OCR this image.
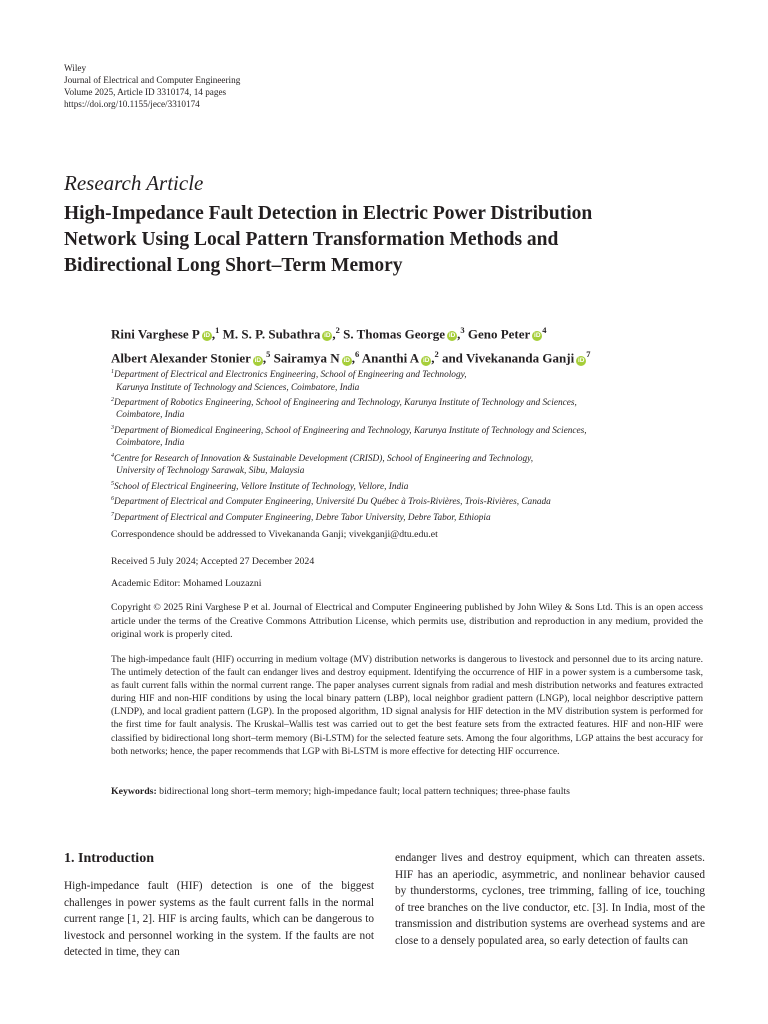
Wiley
Journal of Electrical and Computer Engineering
Volume 2025, Article ID 3310174, 14 pages
https://doi.org/10.1155/jece/3310174
Research Article
High-Impedance Fault Detection in Electric Power Distribution
Network Using Local Pattern Transformation Methods and
Bidirectional Long Short–Term Memory
Rini Varghese P iD ,$^1$ M. S. P. Subathra iD ,$^2$ S. Thomas George iD ,$^3$ Geno Peter $iD^4$
Albert Alexander Stonier iD ,$^5$ Sairamya N iD ,$^6$ Ananthi A iD ,$^2$ and Vivekananda Ganji $iD^7$
$^1$Department of Electrical and Electronics Engineering, School of Engineering and Technology,
Karunya Institute of Technology and Sciences, Coimbatore, India
$^2$Department of Robotics Engineering, School of Engineering and Technology, Karunya Institute of Technology and Sciences,
Coimbatore, India
$^3$Department of Biomedical Engineering, School of Engineering and Technology, Karunya Institute of Technology and Sciences,
Coimbatore, India
$^4$Centre for Research of Innovation & Sustainable Development (CRISD), School of Engineering and Technology,
University of Technology Sarawak, Sibu, Malaysia
$^5$School of Electrical Engineering, Vellore Institute of Technology, Vellore, India
$^6$Department of Electrical and Computer Engineering, Université Du Québec à Trois-Rivières, Trois-Rivières, Canada
$^7$Department of Electrical and Computer Engineering, Debre Tabor University, Debre Tabor, Ethiopia
Correspondence should be addressed to Vivekananda Ganji; vivekganji@dtu.edu.et
Received 5 July 2024; Accepted 27 December 2024
Academic Editor: Mohamed Louzazni
Copyright © 2025 Rini Varghese P et al. Journal of Electrical and Computer Engineering published by John Wiley & Sons Ltd. This is an open access article under the terms of the Creative Commons Attribution License, which permits use, distribution and reproduction in any medium, provided the original work is properly cited.
The high-impedance fault (HIF) occurring in medium voltage (MV) distribution networks is dangerous to livestock and personnel due to its arcing nature. The untimely detection of the fault can endanger lives and destroy equipment. Identifying the occurrence of HIF in a power system is a cumbersome task, as fault current falls within the normal current range. The paper analyses current signals from radial and mesh distribution networks and features extracted during HIF and non-HIF conditions by using the local binary pattern (LBP), local neighbor gradient pattern (LNGP), local neighbor descriptive pattern (LNDP), and local gradient pattern (LGP). In the proposed algorithm, 1D signal analysis for HIF detection in the MV distribution system is performed for the first time for fault analysis. The Kruskal–Wallis test was carried out to get the best feature sets from the extracted features. HIF and non-HIF were classified by bidirectional long short–term memory (Bi-LSTM) for the selected feature sets. Among the four algorithms, LGP attains the best accuracy for both networks; hence, the paper recommends that LGP with Bi-LSTM is more effective for detecting HIF occurrence.
Keywords: bidirectional long short–term memory; high-impedance fault; local pattern techniques; three-phase faults
1. Introduction
High-impedance fault (HIF) detection is one of the biggest challenges in power systems as the fault current falls in the normal current range [1, 2]. HIF is arcing faults, which can be dangerous to livestock and personnel working in the system. If the faults are not detected in time, they can
endanger lives and destroy equipment, which can threaten assets. HIF has an aperiodic, asymmetric, and nonlinear behavior caused by thunderstorms, cyclones, tree trimming, falling of ice, touching of tree branches on the live conductor, etc. [3]. In India, most of the transmission and distribution systems are overhead systems and are close to a densely populated area, so early detection of faults can
